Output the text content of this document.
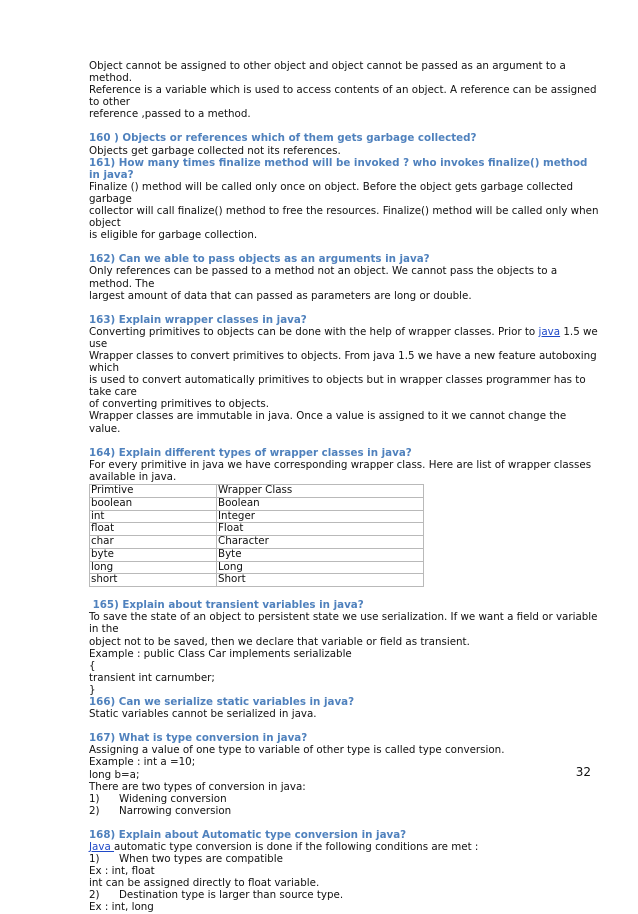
Object cannot be assigned to other object and object cannot be passed as an argument to a method.

Reference is a variable which is used to access contents of an object. A reference can be assigned to other

reference ,passed to a method.

160 ) Objects or references which of them gets garbage collected?

Objects get garbage collected not its references.

161) How many times finalize method will be invoked ? who invokes finalize() method in java?

Finalize () method will be called only once on object. Before the object gets garbage collected garbage

collector will call finalize() method to free the resources. Finalize() method will be called only when object

is eligible for garbage collection.

162) Can we able to pass objects as an arguments in java?

Only references can be passed to a method not an object. We cannot pass the objects to a method. The

largest amount of data that can passed as parameters are long or double.

163) Explain wrapper classes in java?

Converting primitives to objects can be done with the help of wrapper classes. Prior to java 1.5 we use

Wrapper classes to convert primitives to objects. From java 1.5 we have a new feature autoboxing which

is used to convert automatically primitives to objects but in wrapper classes programmer has to take care

of converting primitives to objects.

Wrapper classes are immutable in java. Once a value is assigned to it we cannot change the value.

164) Explain different types of wrapper classes in java?

For every primitive in java we have corresponding wrapper class. Here are list of wrapper classes

available in java.

Primtive	Wrapper Class
boolean	Boolean
int	Integer
float	Float
char	Character
byte	Byte
long	Long
short	Short

165) Explain about transient variables in java?

To save the state of an object to persistent state we use serialization. If we want a field or variable in the

object not to be saved, then we declare that variable or field as transient.

Example : public Class Car implements serializable

{

transient int carnumber;

}

166) Can we serialize static variables in java?

Static variables cannot be serialized in java.

167) What is type conversion in java?

Assigning a value of one type to variable of other type is called type conversion.

Example : int a =10;

long b=a;

There are two types of conversion in java:

1)	Widening conversion
2)	Narrowing conversion

168) Explain about Automatic type conversion in java?

Java automatic type conversion is done if the following conditions are met :

1)	When two types are compatible

Ex : int, float

int can be assigned directly to float variable.

2)	Destination type is larger than source type.

Ex : int, long

32
